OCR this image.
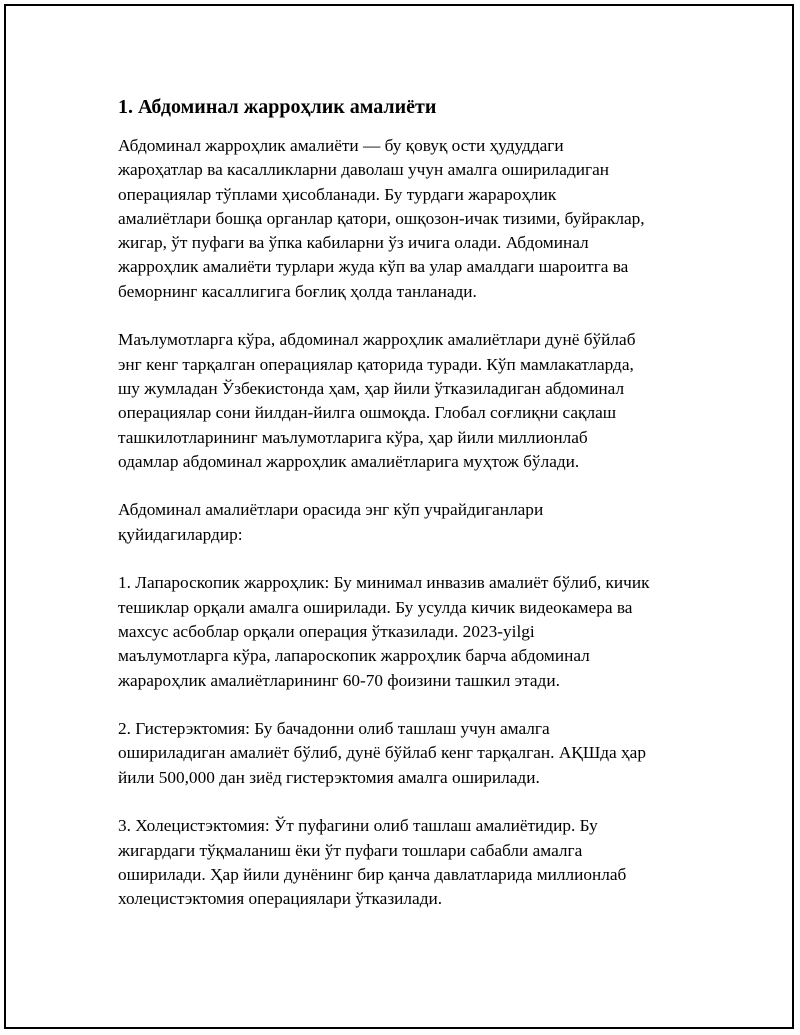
1. Абдоминал жарроҳлик амалиёти

Абдоминал жарроҳлик амалиёти — бу қовуқ ости ҳудуддаги
жароҳатлар ва касалликларни даволаш учун амалга ошириладиган
операциялар тўплами ҳисобланади. Бу турдаги жарароҳлик
амалиётлари бошқа органлар қатори, ошқозон-ичак тизими, буйраклар,
жигар, ўт пуфаги ва ўпка кабиларни ўз ичига олади. Абдоминал
жарроҳлик амалиёти турлари жуда кўп ва улар амалдаги шароитга ва
беморнинг касаллигига боғлиқ ҳолда танланади.

Маълумотларга кўра, абдоминал жарроҳлик амалиётлари дунё бўйлаб
энг кенг тарқалган операциялар қаторида туради. Кўп мамлакатларда,
шу жумладан Ўзбекистонда ҳам, ҳар йили ўтказиладиган абдоминал
операциялар сони йилдан-йилга ошмоқда. Глобал соғлиқни сақлаш
ташкилотларининг маълумотларига кўра, ҳар йили миллионлаб
одамлар абдоминал жарроҳлик амалиётларига муҳтож бўлади.

Абдоминал амалиётлари орасида энг кўп учрайдиганлари
қуйидагилардир:

1. Лапароскопик жарроҳлик: Бу минимал инвазив амалиёт бўлиб, кичик
тешиклар орқали амалга оширилади. Бу усулда кичик видеокамера ва
махсус асбоблар орқали операция ўтказилади. 2023-yilgi
маълумотларга кўра, лапароскопик жарроҳлик барча абдоминал
жарароҳлик амалиётларининг 60-70 фоизини ташкил этади.

2. Гистерэктомия: Бу бачадонни олиб ташлаш учун амалга
ошириладиган амалиёт бўлиб, дунё бўйлаб кенг тарқалган. АҚШда ҳар
йили 500,000 дан зиёд гистерэктомия амалга оширилади.

3. Холецистэктомия: Ўт пуфагини олиб ташлаш амалиётидир. Бу
жигардаги тўқмаланиш ёки ўт пуфаги тошлари сабабли амалга
оширилади. Ҳар йили дунёнинг бир қанча давлатларида миллионлаб
холецистэктомия операциялари ўтказилади.
